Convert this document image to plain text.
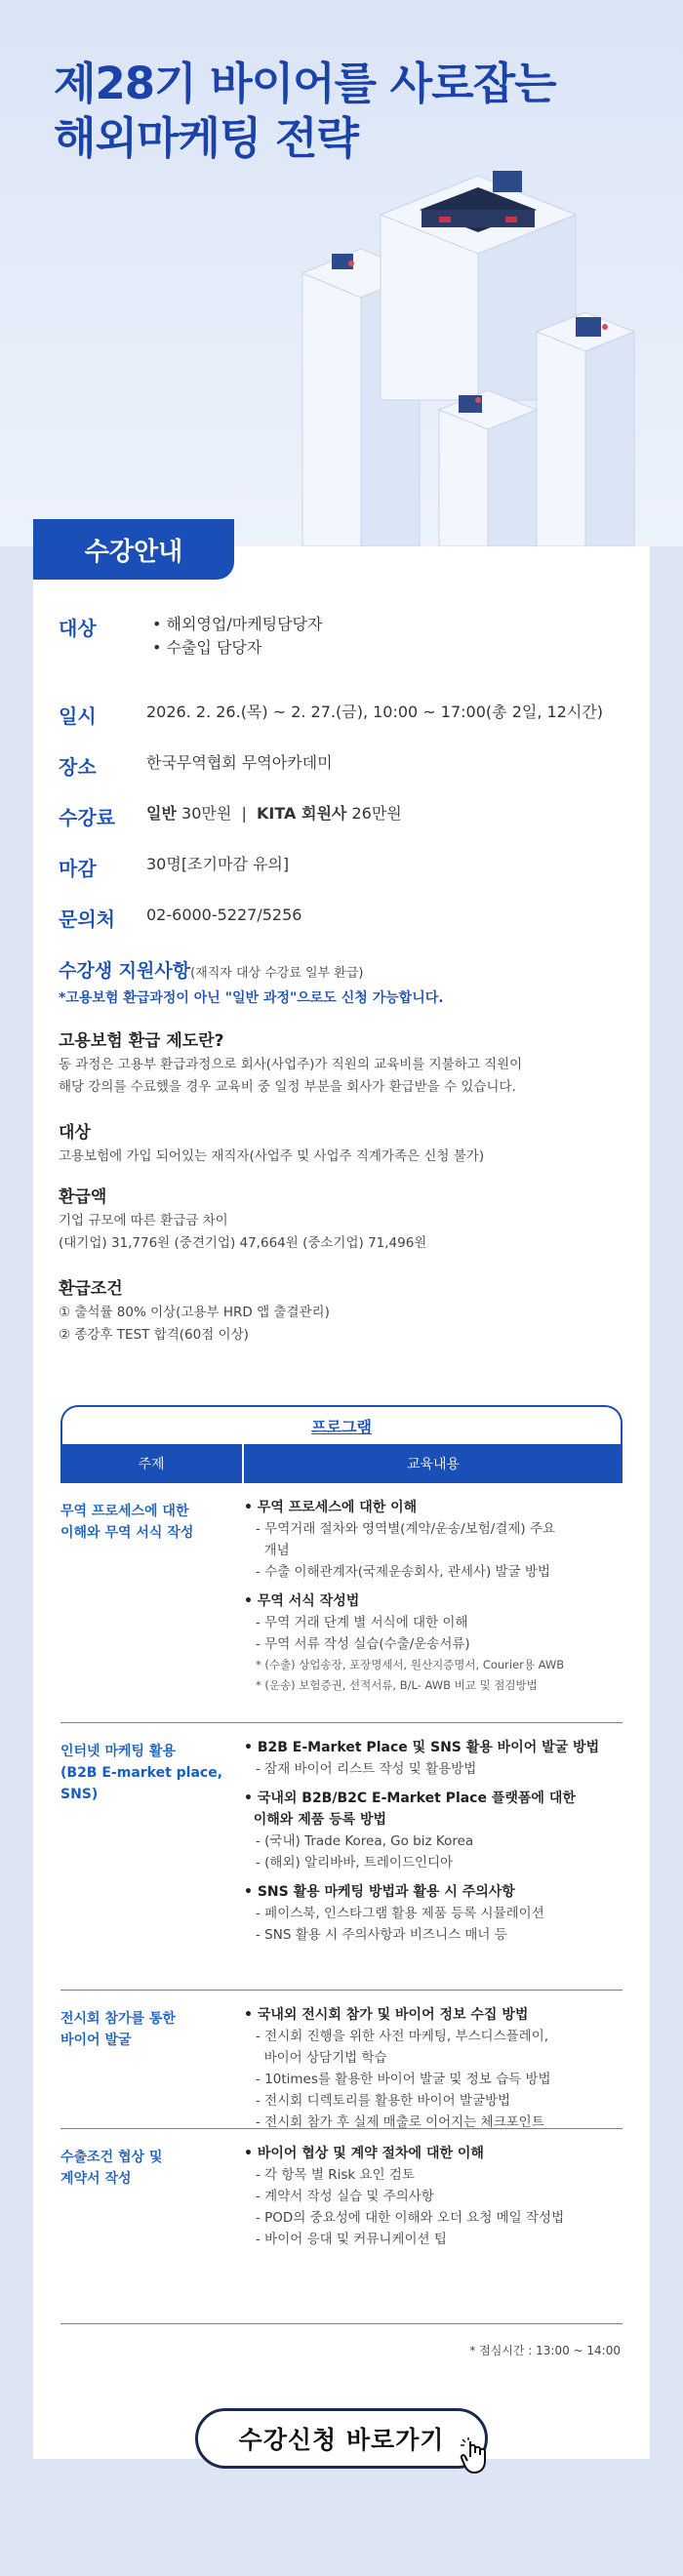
제28기 바이어를 사로잡는
해외마케팅 전략
수강안내
대상	• 해외영업/마케팅담당자
• 수출입 담당자
일시	2026. 2. 26.(목) ~ 2. 27.(금), 10:00 ~ 17:00(총 2일, 12시간)
장소	한국무역협회 무역아카데미
수강료	일반 30만원 | KITA 회원사 26만원
마감	30명[조기마감 유의]
문의처	02-6000-5227/5256
수강생 지원사항(재직자 대상 수강료 일부 환급)
*고용보험 환급과정이 아닌 "일반 과정"으로도 신청 가능합니다.
고용보험 환급 제도란?
동 과정은 고용부 환급과정으로 회사(사업주)가 직원의 교육비를 지불하고 직원이
해당 강의를 수료했을 경우 교육비 중 일정 부분을 회사가 환급받을 수 있습니다.
대상
고용보험에 가입 되어있는 재직자(사업주 및 사업주 직계가족은 신청 불가)
환급액
기업 규모에 따른 환급금 차이
(대기업) 31,776원 (중견기업) 47,664원 (중소기업) 71,496원
환급조건
① 출석률 80% 이상(고용부 HRD 앱 출결관리)
② 종강후 TEST 합격(60점 이상)
프로그램
주제	교육내용
무역 프로세스에 대한
이해와 무역 서식 작성
• 무역 프로세스에 대한 이해
- 무역거래 절차와 영역별(계약/운송/보험/결제) 주요
개념
- 수출 이해관계자(국제운송회사, 관세사) 발굴 방법
• 무역 서식 작성법
- 무역 거래 단계 별 서식에 대한 이해
- 무역 서류 작성 실습(수출/운송서류)
* (수출) 상업송장, 포장명세서, 원산지증명서, Courier용 AWB
* (운송) 보험증권, 선적서류, B/L- AWB 비교 및 점검방법
인터넷 마케팅 활용
(B2B E-market place,
SNS)
• B2B E-Market Place 및 SNS 활용 바이어 발굴 방법
- 잠재 바이어 리스트 작성 및 활용방법
• 국내외 B2B/B2C E-Market Place 플랫폼에 대한
이해와 제품 등록 방법
- (국내) Trade Korea, Go biz Korea
- (해외) 알리바바, 트레이드인디아
• SNS 활용 마케팅 방법과 활용 시 주의사항
- 페이스북, 인스타그램 활용 제품 등록 시뮬레이션
- SNS 활용 시 주의사항과 비즈니스 매너 등
전시회 참가를 통한
바이어 발굴
• 국내외 전시회 참가 및 바이어 정보 수집 방법
- 전시회 진행을 위한 사전 마케팅, 부스디스플레이,
바이어 상담기법 학습
- 10times를 활용한 바이어 발굴 및 정보 습득 방법
- 전시회 디렉토리를 활용한 바이어 발굴방법
- 전시회 참가 후 실제 매출로 이어지는 체크포인트
수출조건 협상 및
계약서 작성
• 바이어 협상 및 계약 절차에 대한 이해
- 각 항목 별 Risk 요인 검토
- 계약서 작성 실습 및 주의사항
- POD의 중요성에 대한 이해와 오더 요청 메일 작성법
- 바이어 응대 및 커뮤니케이션 팁
* 점심시간 : 13:00 ~ 14:00
수강신청 바로가기
